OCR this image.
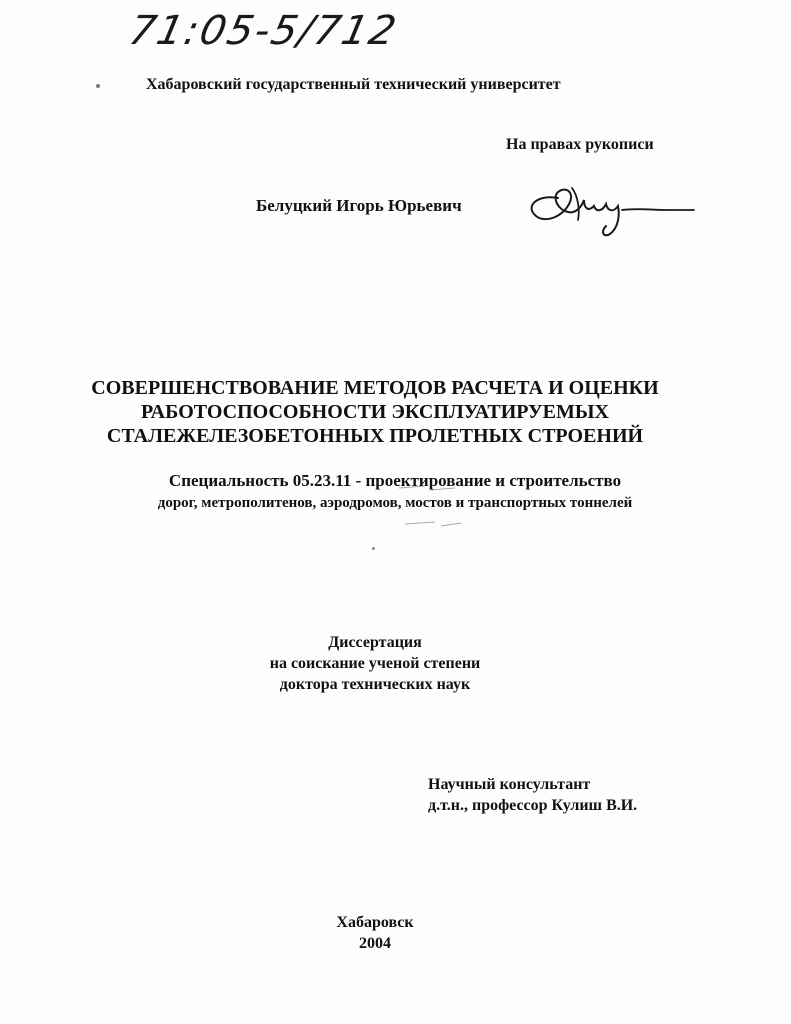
71:05-5/712
Хабаровский государственный технический университет
На правах рукописи
Белуцкий Игорь Юрьевич
СОВЕРШЕНСТВОВАНИЕ МЕТОДОВ РАСЧЕТА И ОЦЕНКИ
РАБОТОСПОСОБНОСТИ ЭКСПЛУАТИРУЕМЫХ
СТАЛЕЖЕЛЕЗОБЕТОННЫХ ПРОЛЕТНЫХ СТРОЕНИЙ
Специальность 05.23.11 - проектирование и строительство
дорог, метрополитенов, аэродромов, мостов и транспортных тоннелей
Диссертация
на соискание ученой степени
доктора технических наук
Научный консультант
д.т.н., профессор Кулиш В.И.
Хабаровск
2004
